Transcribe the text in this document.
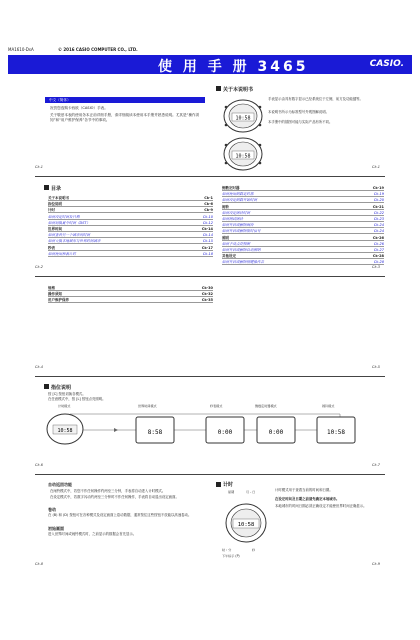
MA1610-DsA	© 2016 CASIO COMPUTER CO., LTD.
使 用 手 册 3465	CASIO.
中文（简体）
祝贺您选购卡西欧（CASIO）手表。
关于敬爱本表的使用务本正前详细手册，请详细阅读本使用本手册并熟悉说明。尤其是“操作须知”和“用户维护保养”各节中的事项。
Ck-1
关于本说明书
10:58
10:58
手表显示由具有数字显示已经系统位于左侧，前方及功能键等。
本说明书所示为标准型号外观图解说明。
本手册中的插图可能与实际产品有所不同。
Ck-1
目录
关于本说明书	Ck-1
指位说明	Ck-6
计时	Ck-9
如何设定时间及日期	Ck-10
如何切换夏令时间（DST）	Ck-12
世界时间	Ck-14
如何查看另一个城市的时间	Ck-14
如何交换本地城市与世界时间城市	Ck-15
秒表	Ck-17
如何使用秒表计时	Ck-18
倒数定时器	Ck-19
如何使用倒数定时器	Ck-19
如何设定倒数开始时间	Ck-20
闹铃	Ck-21
如何设定闹铃时间	Ck-22
如何测试闹铃	Ck-23
如何开启或解除闹铃	Ck-24
如何开启或解除报时信号	Ck-24
照明	Ck-26
如何手动点亮照明	Ck-26
如何开启或解除自动照明	Ck-27
其他设定	Ck-28
如何开启或解除按键操作音	Ck-28
Ck-2	Ck-3
规格	Ck-30
操作须知	Ck-32
用户维护保养	Ck-35
Ck-4	Ck-5
指位说明
按 [C] 按钮切换各模式。
在任意模式中，按 [L] 按钮点亮照明。
计时模式	世界时间模式	秒表模式	倒数定时器模式	闹铃模式
10:58	8:58	0:00	0:00	10:58
Ck-6	Ck-7
自动返回功能
在闹铃模式中，若您不作任何操作约两至三分钟，手表将自动进入计时模式。
在设定模式中，若数字闪动约两至三分钟时不作任何操作，手表将自动退出设定画面。
卷动
在 (B) 和 (D) 按钮可在各种模式及设定画面上卷动数据，通常按住这些按钮不放能以高速卷动。
初始画面
进入世界时间或闹铃模式时，之前显示的数据会首先显示。
Ck-8
计时
10:58
星期	月 - 日
时 : 分	秒
下午标示 (P)
计时模式用于查看当前的时间和日期。
在设定时间及日期之前请先确定本地城市。
本地城市的时间日期必须正确设定才能使世界时间正确显示。
Ck-9
